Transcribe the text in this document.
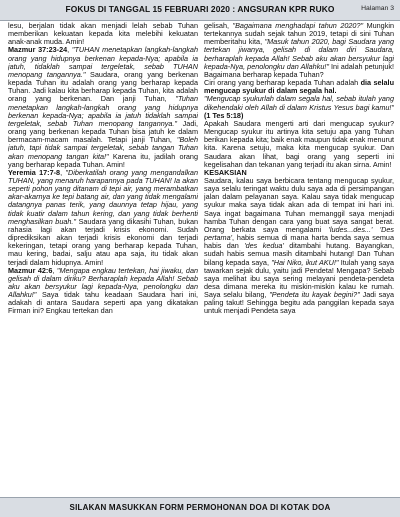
FOKUS DI TANGGAL 15 FEBRUARI 2020 : ANGSURAN KPR RUKO	Halaman 3

lesu, berjalan tidak akan menjadi lelah sebab Tuhan memberikan kekuatan kepada kita melebihi kekuatan anak-anak muda. Amin!

Mazmur 37:23-24, "TUHAN menetapkan langkah-langkah orang yang hidupnya berkenan kepada-Nya; apabila ia jatuh, tidaklah sampai tergeletak, sebab TUHAN menopang tangannya." Saudara, orang yang berkenan kepada Tuhan itu adalah orang yang berharap kepada Tuhan. Jadi kalau kita berharap kepada Tuhan, kita adalah orang yang berkenan. Dan janji Tuhan, "Tuhan menetapkan langkah-langkah orang yang hidupnya berkenan kepada-Nya; apabila ia jatuh tidaklah sampai tergeletak, sebab Tuhan menopang tangannya." Jadi, orang yang berkenan kepada Tuhan bisa jatuh ke dalam bermacam-macam masalah. Tetapi janji Tuhan, "Boleh jatuh, tapi tidak sampai tergeletak, sebab tangan Tuhan akan menopang tangan kita!" Karena itu, jadilah orang yang berharap kepada Tuhan. Amin!

Yeremia 17:7-8, "Diberkatilah orang yang mengandalkan TUHAN, yang menaruh harapannya pada TUHAN! Ia akan seperti pohon yang ditanam di tepi air, yang merambatkan akar-akarnya ke tepi batang air, dan yang tidak mengalami datangnya panas terik, yang daunnya tetap hijau, yang tidak kuatir dalam tahun kering, dan yang tidak berhenti menghasilkan buah." Saudara yang dikasihi Tuhan, bukan rahasia lagi akan terjadi krisis ekonomi. Sudah diprediksikan akan terjadi krisis ekonomi dan terjadi kekeringan, tetapi orang yang berharap kepada Tuhan, mau kering, badai, salju atau apa saja, itu tidak akan terjadi dalam hidupnya. Amin!

Mazmur 42:6, "Mengapa engkau tertekan, hai jiwaku, dan gelisah di dalam diriku? Berharaplah kepada Allah! Sebab aku akan bersyukur lagi kepada-Nya, penolongku dan Allahku!" Saya tidak tahu keadaan Saudara hari ini, adakah di antara Saudara seperti apa yang dikatakan Firman ini? Engkau tertekan dan

gelisah, "Bagaimana menghadapi tahun 2020?" Mungkin tertekannya sudah sejak tahun 2019, tetapi di sini Tuhan memberitahu kita, "Masuk tahun 2020, bagi Saudara yang tertekan jiwanya, gelisah di dalam diri Saudara, berharaplah kepada Allah! Sebab aku akan bersyukur lagi kepada-Nya, penolongku dan Allahku!" Ini adalah petunjuk! Bagaimana berharap kepada Tuhan?

Ciri orang yang berharap kepada Tuhan adalah dia selalu mengucap syukur di dalam segala hal.

"Mengucap syukurlah dalam segala hal, sebab itulah yang dikehendaki oleh Allah di dalam Kristus Yesus bagi kamu!" (1 Tes 5:18)

Apakah Saudara mengerti arti dari mengucap syukur? Mengucap syukur itu artinya kita setuju apa yang Tuhan berikan kepada kita; baik enak maupun tidak enak menurut kita. Karena setuju, maka kita mengucap syukur. Dan Saudara akan lihat, bagi orang yang seperti ini kegelisahan dan tekanan yang terjadi itu akan sirna. Amin!

KESAKSIAN

Saudara, kalau saya berbicara tentang mengucap syukur, saya selalu teringat waktu dulu saya ada di persimpangan jalan dalam pelayanan saya. Kalau saya tidak mengucap syukur maka saya tidak akan ada di tempat ini hari ini. Saya ingat bagaimana Tuhan memanggil saya menjadi hamba Tuhan dengan cara yang buat saya sangat berat. Orang berkata saya mengalami 'ludes...des...' 'Des pertama', habis semua di mana harta benda saya semua habis dan 'des kedua' ditambahi hutang. Bayangkan, sudah habis semua masih ditambahi hutang! Dan Tuhan bilang kepada saya, "Hai Niko, ikut AKU!" Itulah yang saya tawarkan sejak dulu, yaitu jadi Pendeta! Mengapa? Sebab saya melihat ibu saya sering melayani pendeta-pendeta desa dimana mereka itu miskin-miskin kalau ke rumah. Saya selalu bilang, "Pendeta itu kayak begini?" Jadi saya paling takut! Sehingga begitu ada panggilan kepada saya untuk menjadi Pendeta saya

SILAKAN MASUKKAN FORM PERMOHONAN DOA DI KOTAK DOA
